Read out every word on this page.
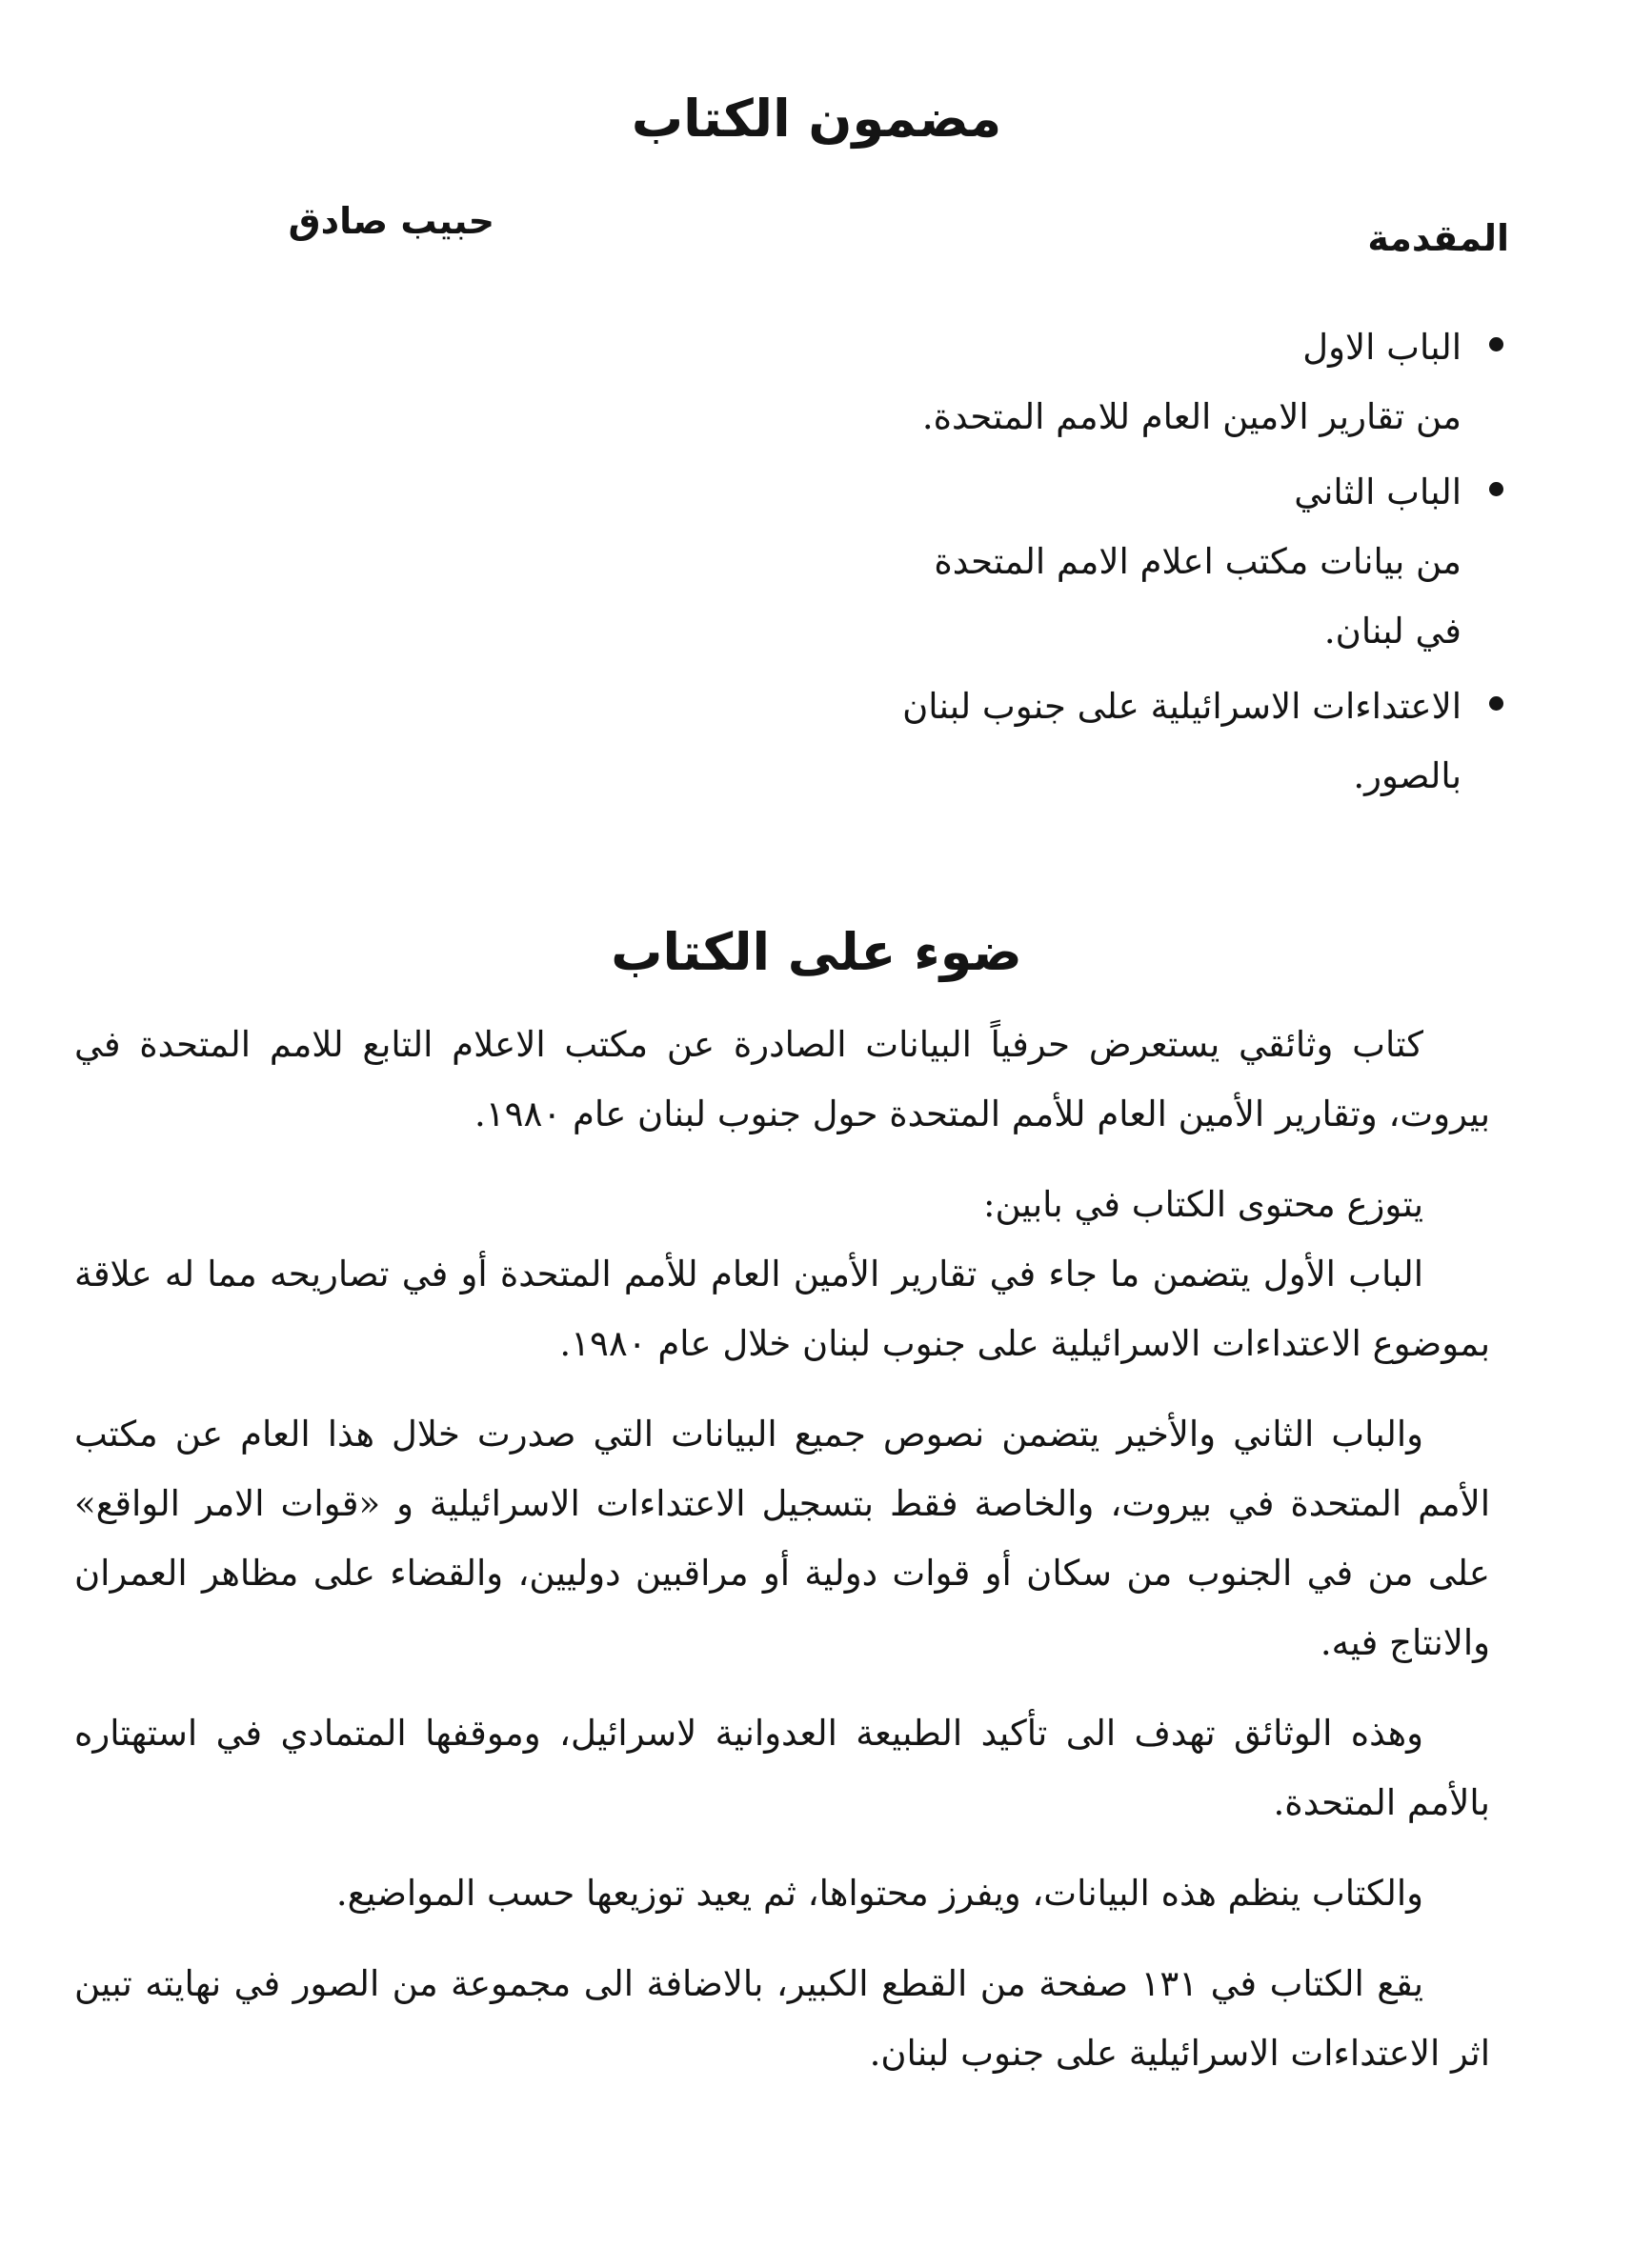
مضمون الكتاب
المقدمة
حبيب صادق
الباب الاول
من تقارير الامين العام للامم المتحدة.
الباب الثاني
من بيانات مكتب اعلام الامم المتحدة
في لبنان.
الاعتداءات الاسرائيلية على جنوب لبنان
بالصور.
ضوء على الكتاب

كتاب وثائقي يستعرض حرفياً البيانات الصادرة عن مكتب الاعلام التابع للامم المتحدة في بيروت، وتقارير الأمين العام للأمم المتحدة حول جنوب لبنان عام ١٩٨٠.

يتوزع محتوى الكتاب في بابين:

الباب الأول يتضمن ما جاء في تقارير الأمين العام للأمم المتحدة أو في تصاريحه مما له علاقة بموضوع الاعتداءات الاسرائيلية على جنوب لبنان خلال عام ١٩٨٠.

والباب الثاني والأخير يتضمن نصوص جميع البيانات التي صدرت خلال هذا العام عن مكتب الأمم المتحدة في بيروت، والخاصة فقط بتسجيل الاعتداءات الاسرائيلية و «قوات الامر الواقع» على من في الجنوب من سكان أو قوات دولية أو مراقبين دوليين، والقضاء على مظاهر العمران والانتاج فيه.

وهذه الوثائق تهدف الى تأكيد الطبيعة العدوانية لاسرائيل، وموقفها المتمادي في استهتاره بالأمم المتحدة.

والكتاب ينظم هذه البيانات، ويفرز محتواها، ثم يعيد توزيعها حسب المواضيع.

يقع الكتاب في ١٣١ صفحة من القطع الكبير، بالاضافة الى مجموعة من الصور في نهايته تبين اثر الاعتداءات الاسرائيلية على جنوب لبنان.
